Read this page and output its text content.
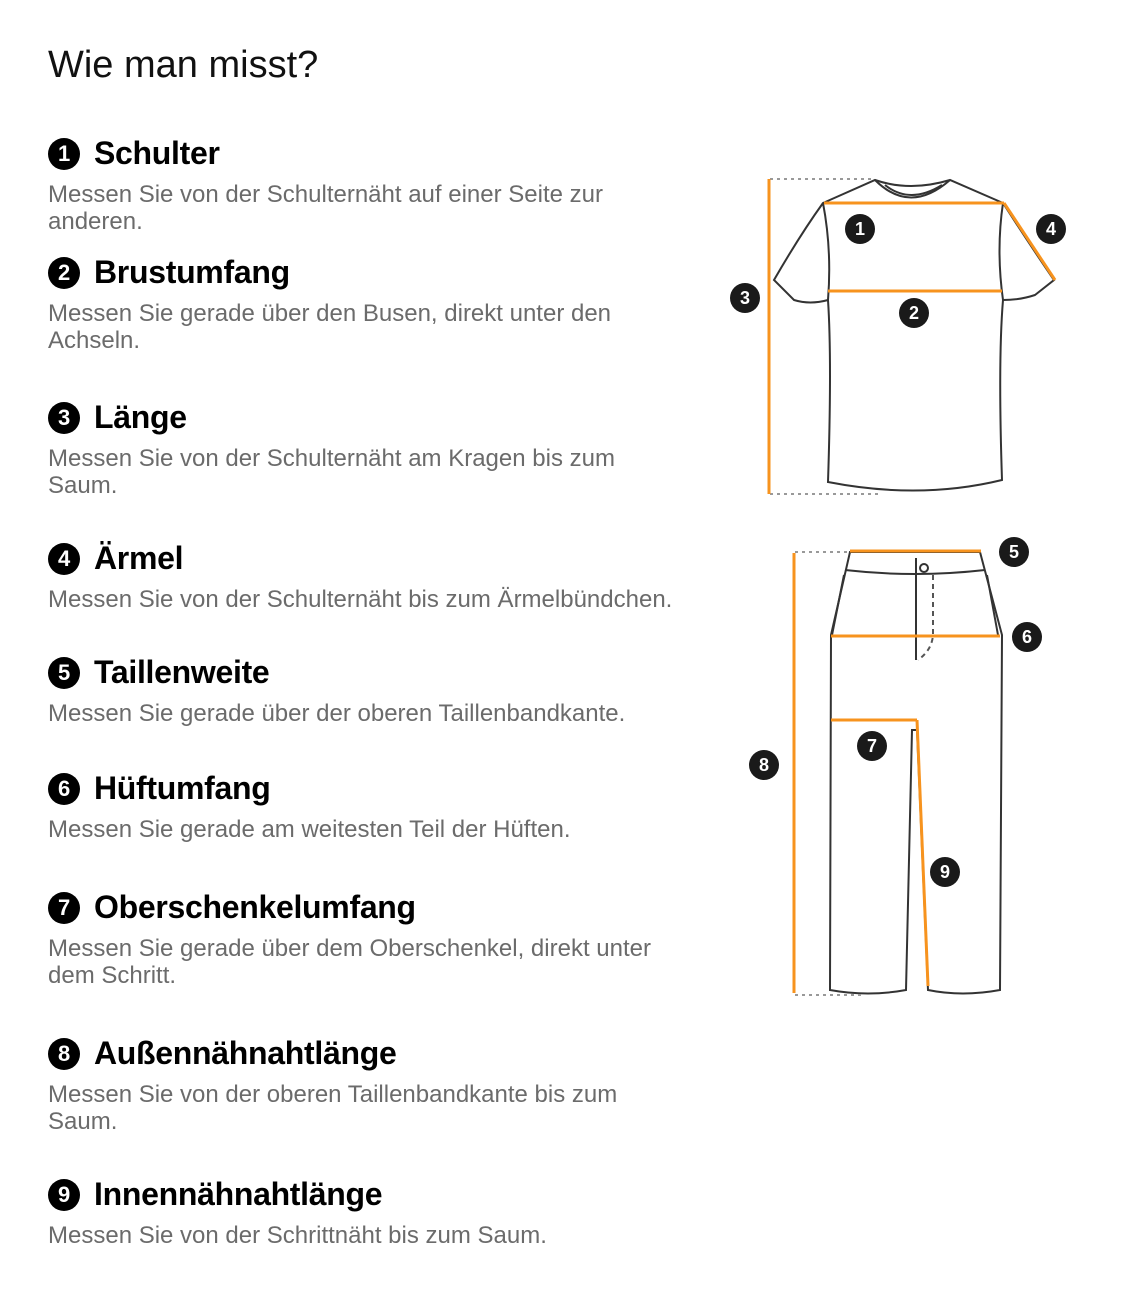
Wie man misst?
1 Schulter

Messen Sie von der Schulternäht auf einer Seite zur anderen.

2 Brustumfang

Messen Sie gerade über den Busen, direkt unter den Achseln.

3 Länge

Messen Sie von der Schulternäht am Kragen bis zum Saum.

4 Ärmel

Messen Sie von der Schulternäht bis zum Ärmelbündchen.

5 Taillenweite

Messen Sie gerade über der oberen Taillenbandkante.

6 Hüftumfang

Messen Sie gerade am weitesten Teil der Hüften.

7 Oberschenkelumfang

Messen Sie gerade über dem Oberschenkel, direkt unter dem Schritt.

8 Außennähnahtlänge

Messen Sie von der oberen Taillenbandkante bis zum Saum.

9 Innennähnahtlänge

Messen Sie von der Schrittnäht bis zum Saum.

1
2
3
4
5
6
7
8
9
